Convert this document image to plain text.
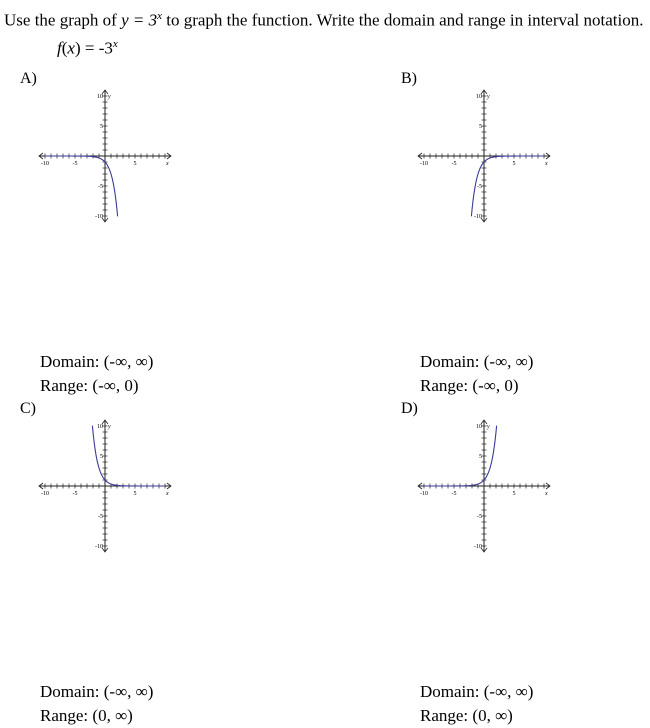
Use the graph of $y = 3^x$ to graph the function. Write the domain and range in interval notation.
$f(x) = -3^x$
A)
-10	-5	5
10
5
-5
-10
x
y
Domain: (-∞, ∞)
Range: (-∞, 0)
B)
-10	-5	5
10
5
-5
-10
x
y
Domain: (-∞, ∞)
Range: (-∞, 0)
C)
-10	-5	5
10
5
-5
-10
x
y
Domain: (-∞, ∞)
Range: (0, ∞)
D)
-10	-5	5
10
5
-5
-10
x
y
Domain: (-∞, ∞)
Range: (0, ∞)
